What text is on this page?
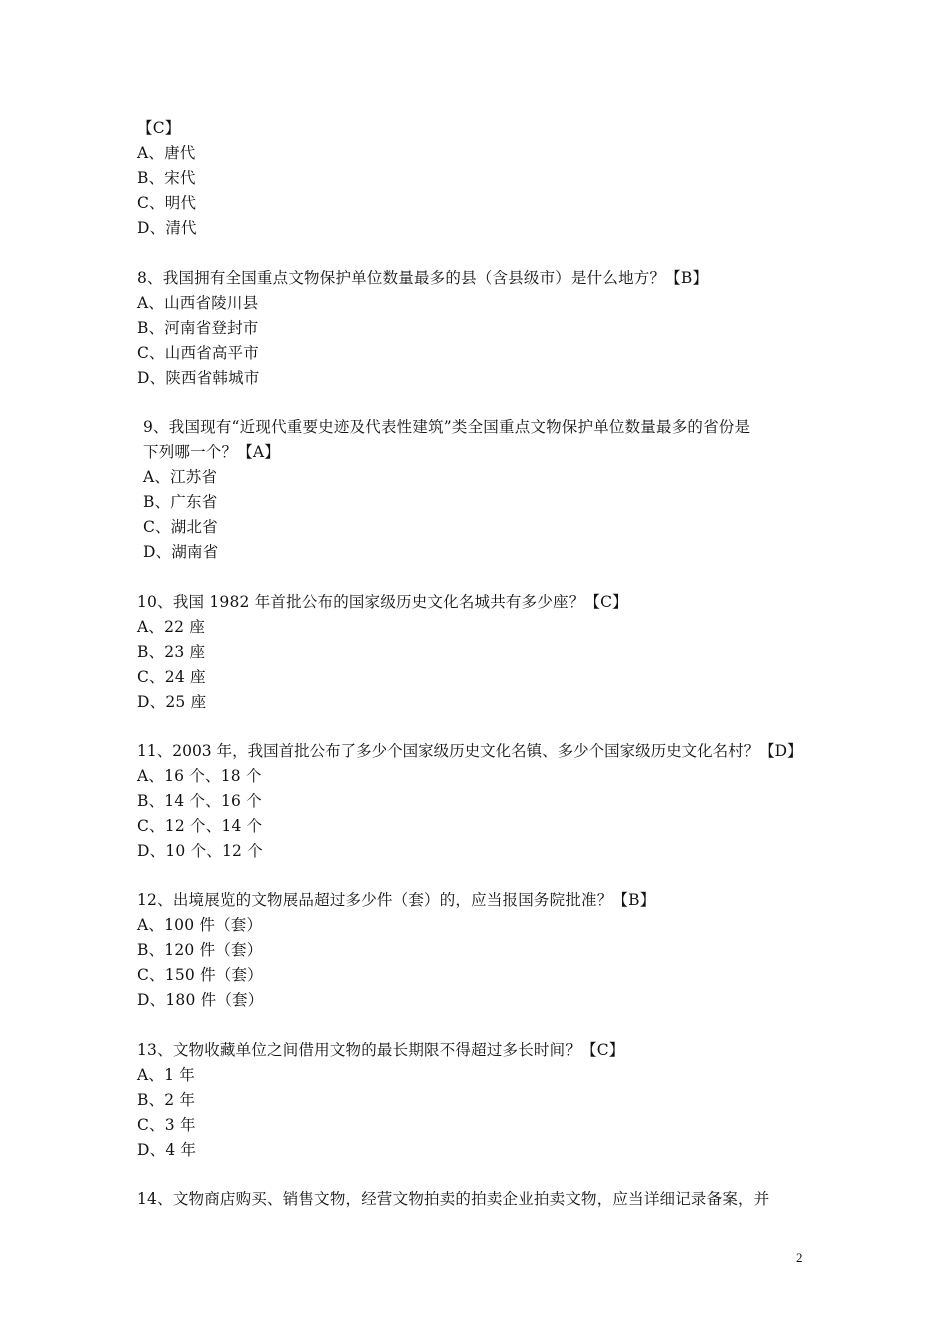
【C】
A、唐代
B、宋代
C、明代
D、清代
8、我国拥有全国重点文物保护单位数量最多的县（含县级市）是什么地方？【B】
A、山西省陵川县
B、河南省登封市
C、山西省高平市
D、陕西省韩城市
9、我国现有“近现代重要史迹及代表性建筑”类全国重点文物保护单位数量最多的省份是
下列哪一个？【A】
A、江苏省
B、广东省
C、湖北省
D、湖南省
10、我国 1982 年首批公布的国家级历史文化名城共有多少座？【C】
A、22 座
B、23 座
C、24 座
D、25 座
11、2003 年，我国首批公布了多少个国家级历史文化名镇、多少个国家级历史文化名村？【D】
A、16 个、18 个
B、14 个、16 个
C、12 个、14 个
D、10 个、12 个
12、出境展览的文物展品超过多少件（套）的，应当报国务院批准？【B】
A、100 件（套）
B、120 件（套）
C、150 件（套）
D、180 件（套）
13、文物收藏单位之间借用文物的最长期限不得超过多长时间？【C】
A、1 年
B、2 年
C、3 年
D、4 年
14、文物商店购买、销售文物，经营文物拍卖的拍卖企业拍卖文物，应当详细记录备案，并
2
